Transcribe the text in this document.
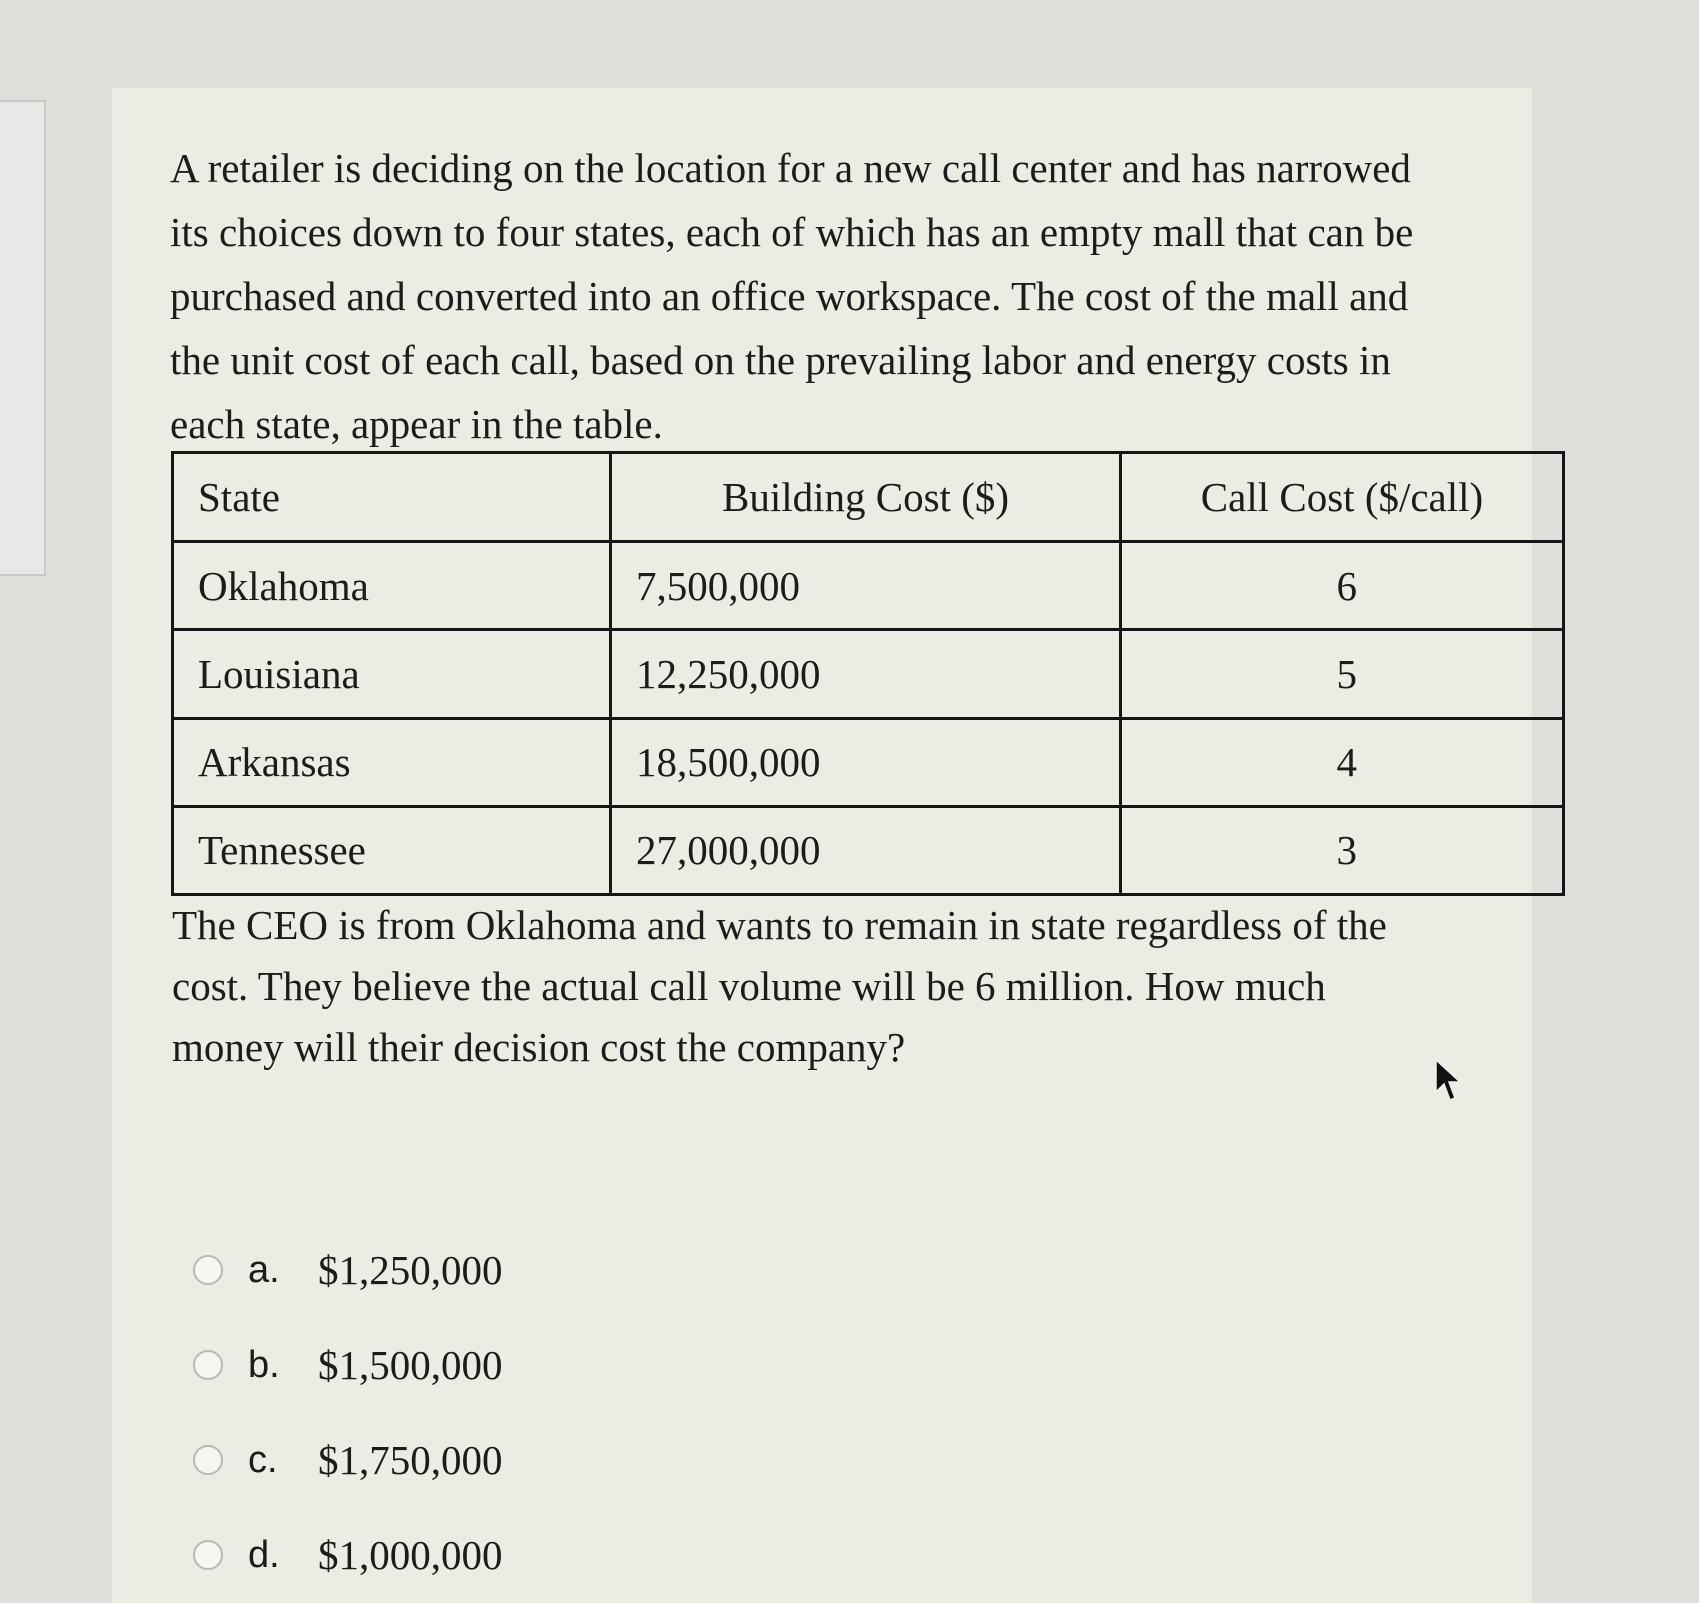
A retailer is deciding on the location for a new call center and has narrowed its choices down to four states, each of which has an empty mall that can be purchased and converted into an office workspace. The cost of the mall and the unit cost of each call, based on the prevailing labor and energy costs in each state, appear in the table.

State	Building Cost ($)	Call Cost ($/call)
Oklahoma	7,500,000	6
Louisiana	12,250,000	5
Arkansas	18,500,000	4
Tennessee	27,000,000	3

The CEO is from Oklahoma and wants to remain in state regardless of the cost. They believe the actual call volume will be 6 million. How much money will their decision cost the company?

a. $1,250,000
b. $1,500,000
c. $1,750,000
d. $1,000,000
